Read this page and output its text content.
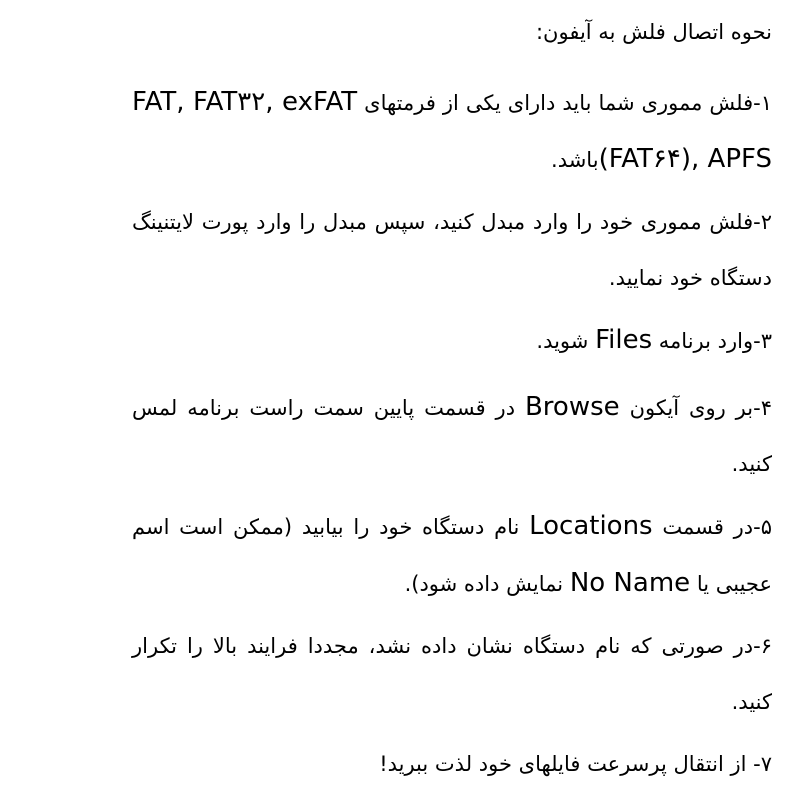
نحوه اتصال فلش به آیفون:

۱-فلش مموری شما باید دارای یکی از فرمتهای FAT, FAT۳۲, exFAT (FAT۶۴), APFSباشد.

۲-فلش مموری خود را وارد مبدل کنید، سپس مبدل را وارد پورت لایتنینگ دستگاه خود نمایید.

۳-وارد برنامه Files شوید.

۴-بر روی آیکون Browse در قسمت پایین سمت راست برنامه لمس کنید.

۵-در قسمت Locations نام دستگاه خود را بیابید (ممکن است اسم عجیبی یا No Name نمایش داده شود).

۶-در صورتی که نام دستگاه نشان داده نشد، مجددا فرایند بالا را تکرار کنید.

۷- از انتقال پرسرعت فایلهای خود لذت ببرید!
